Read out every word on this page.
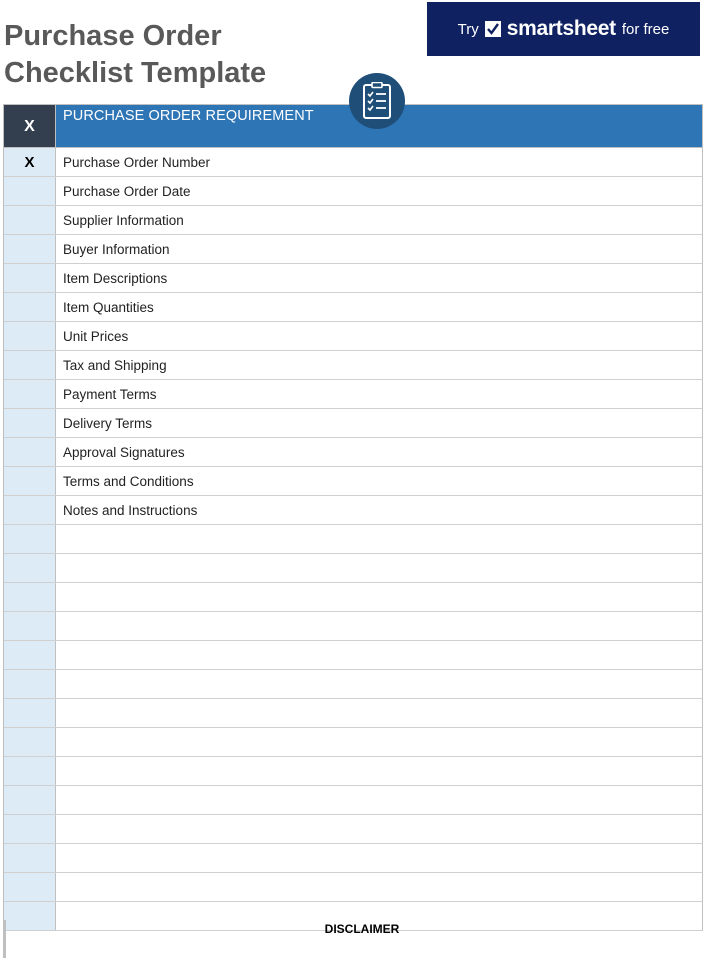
Purchase Order
Checklist Template
Try smartsheet for free
X
PURCHASE ORDER REQUIREMENT
X	Purchase Order Number
Purchase Order Date
Supplier Information
Buyer Information
Item Descriptions
Item Quantities
Unit Prices
Tax and Shipping
Payment Terms
Delivery Terms
Approval Signatures
Terms and Conditions
Notes and Instructions
DISCLAIMER
